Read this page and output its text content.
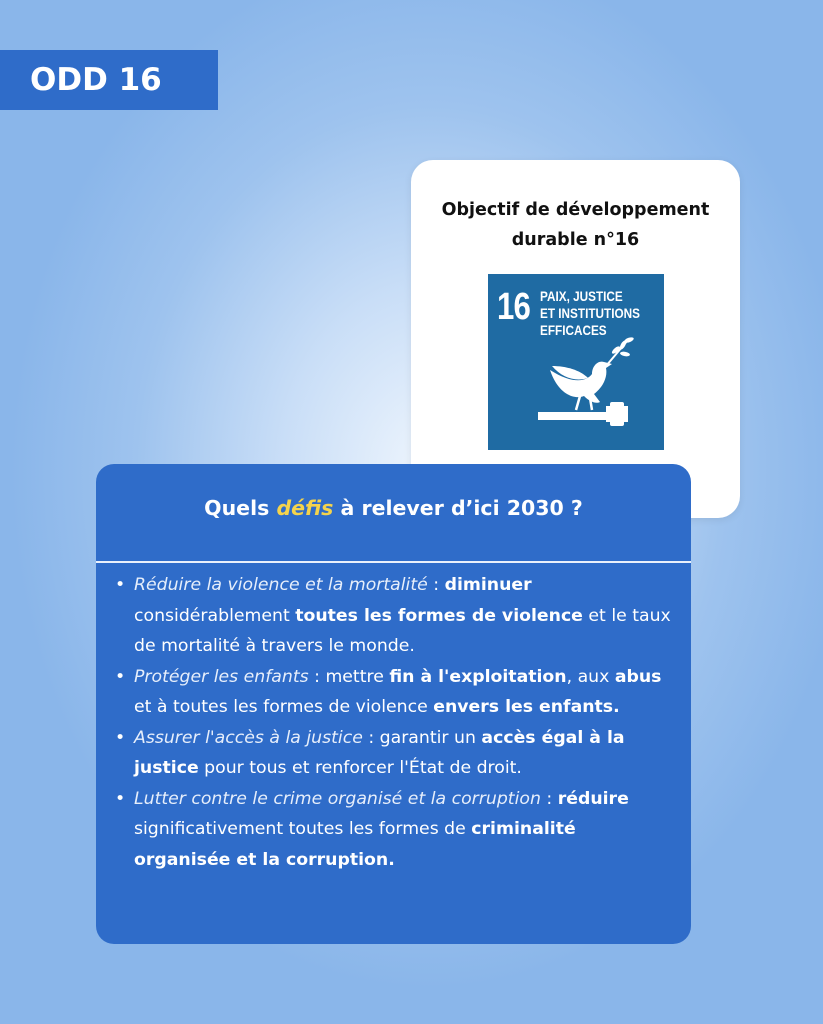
ODD 16
Objectif de développement
durable n°16
16 PAIX, JUSTICE
ET INSTITUTIONS
EFFICACES
Quels défis à relever d’ici 2030 ?
• Réduire la violence et la mortalité : diminuer considérablement toutes les formes de violence et le taux de mortalité à travers le monde.
• Protéger les enfants : mettre fin à l'exploitation, aux abus et à toutes les formes de violence envers les enfants.
• Assurer l'accès à la justice : garantir un accès égal à la justice pour tous et renforcer l'État de droit.
• Lutter contre le crime organisé et la corruption : réduire significativement toutes les formes de criminalité organisée et la corruption.
